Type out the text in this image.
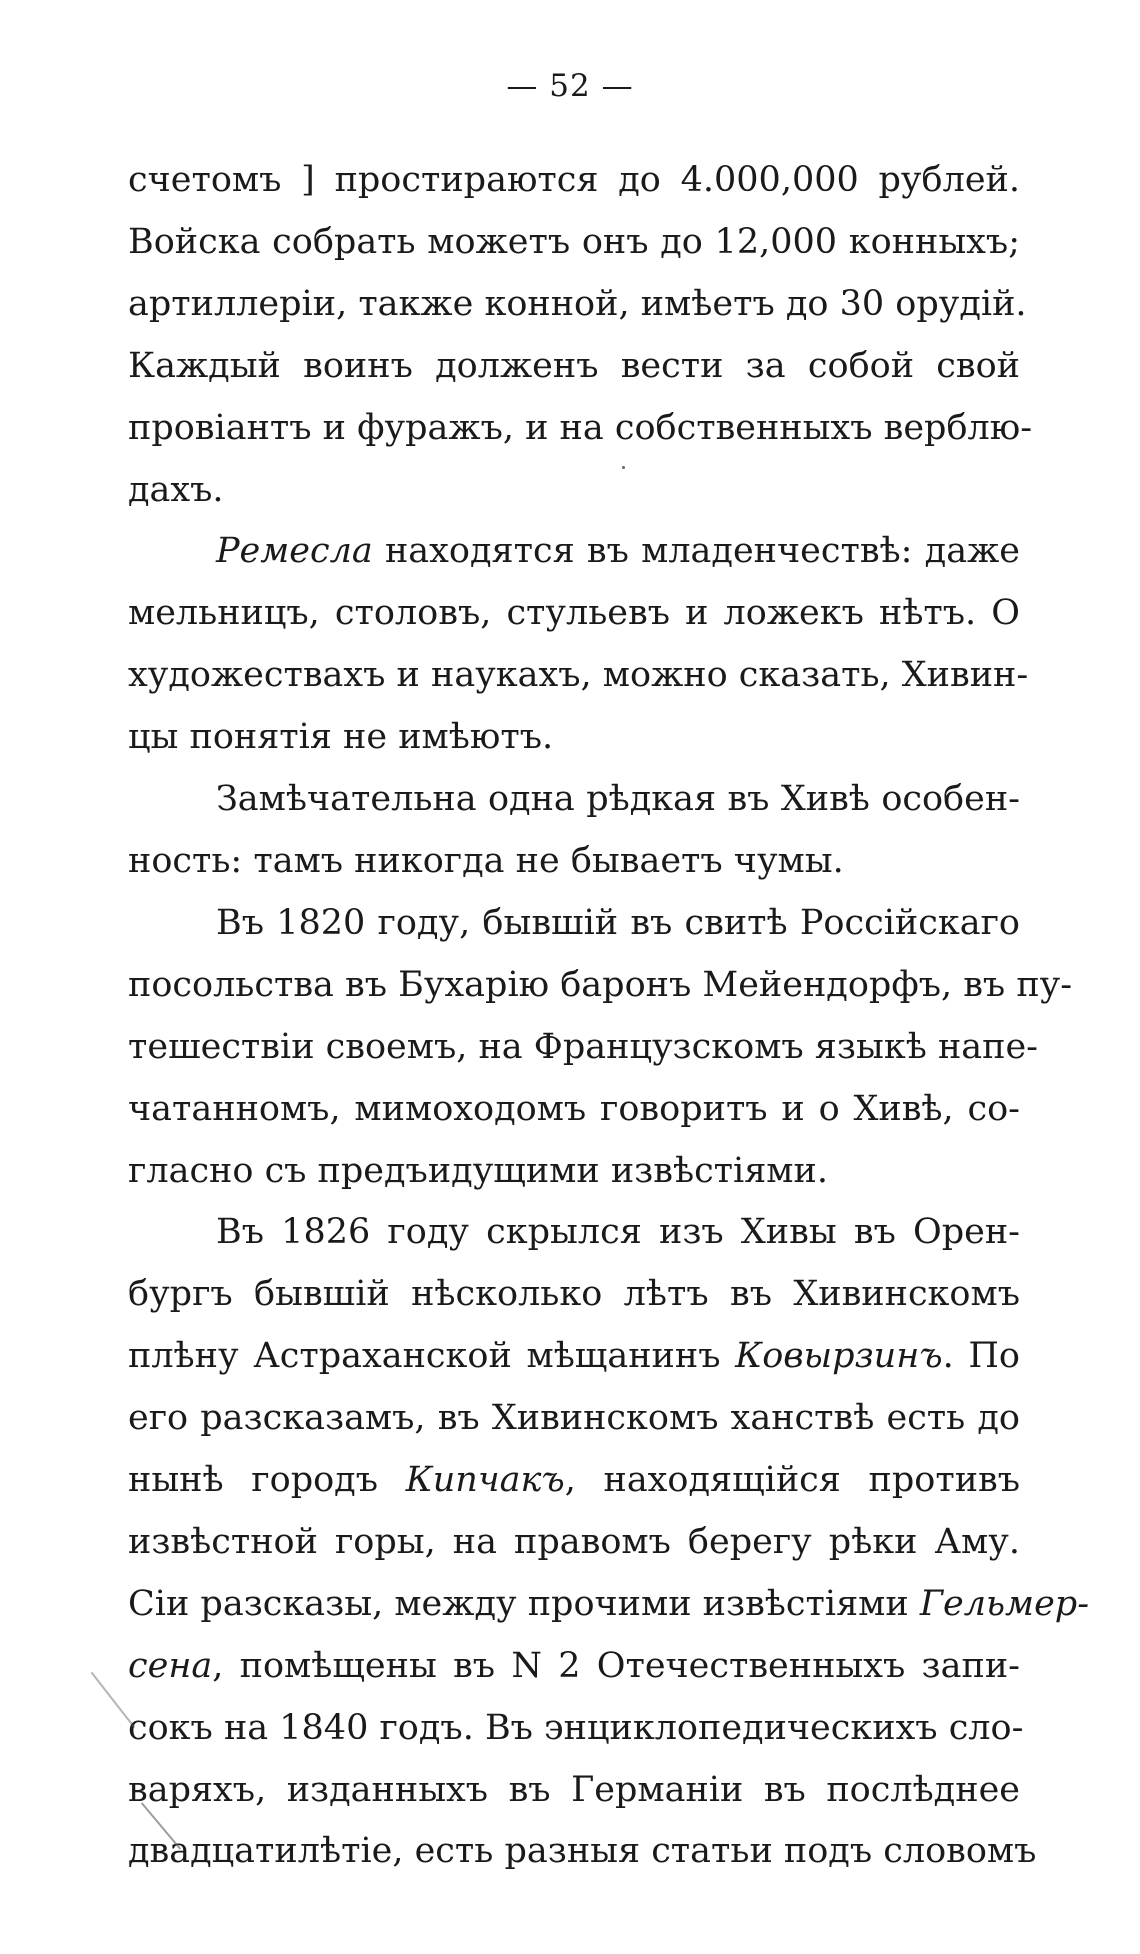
— 52 —
счетомъ ] простираются до 4.000,000 рублей.
Войска собрать можетъ онъ до 12,000 конныхъ;
артиллеріи, также конной, имѣетъ до 30 орудій.
Каждый воинъ долженъ вести за собой свой
провіантъ и фуражъ, и на собственныхъ верблю-
дахъ.
Ремесла находятся въ младенчествѣ: даже
мельницъ, столовъ, стульевъ и ложекъ нѣтъ. О
художествахъ и наукахъ, можно сказать, Хивин-
цы понятія не имѣютъ.
Замѣчательна одна рѣдкая въ Хивѣ особен-
ность: тамъ никогда не бываетъ чумы.
Въ 1820 году, бывшій въ свитѣ Россійскаго
посольства въ Бухарію баронъ Мейендорфъ, въ пу-
тешествіи своемъ, на Французскомъ языкѣ напе-
чатанномъ, мимоходомъ говоритъ и о Хивѣ, со-
гласно съ предъидущими извѣстіями.
Въ 1826 году скрылся изъ Хивы въ Орен-
бургъ бывшій нѣсколько лѣтъ въ Хивинскомъ
плѣну Астраханской мѣщанинъ Ковырзинъ. По
его разсказамъ, въ Хивинскомъ ханствѣ есть до
нынѣ городъ Кипчакъ, находящійся противъ
извѣстной горы, на правомъ берегу рѣки Аму.
Сіи разсказы, между прочими извѣстіями Гельмер-
сена, помѣщены въ N 2 Отечественныхъ запи-
сокъ на 1840 годъ. Въ энциклопедическихъ сло-
варяхъ, изданныхъ въ Германіи въ послѣднее
двадцатилѣтіе, есть разныя статьи подъ словомъ
